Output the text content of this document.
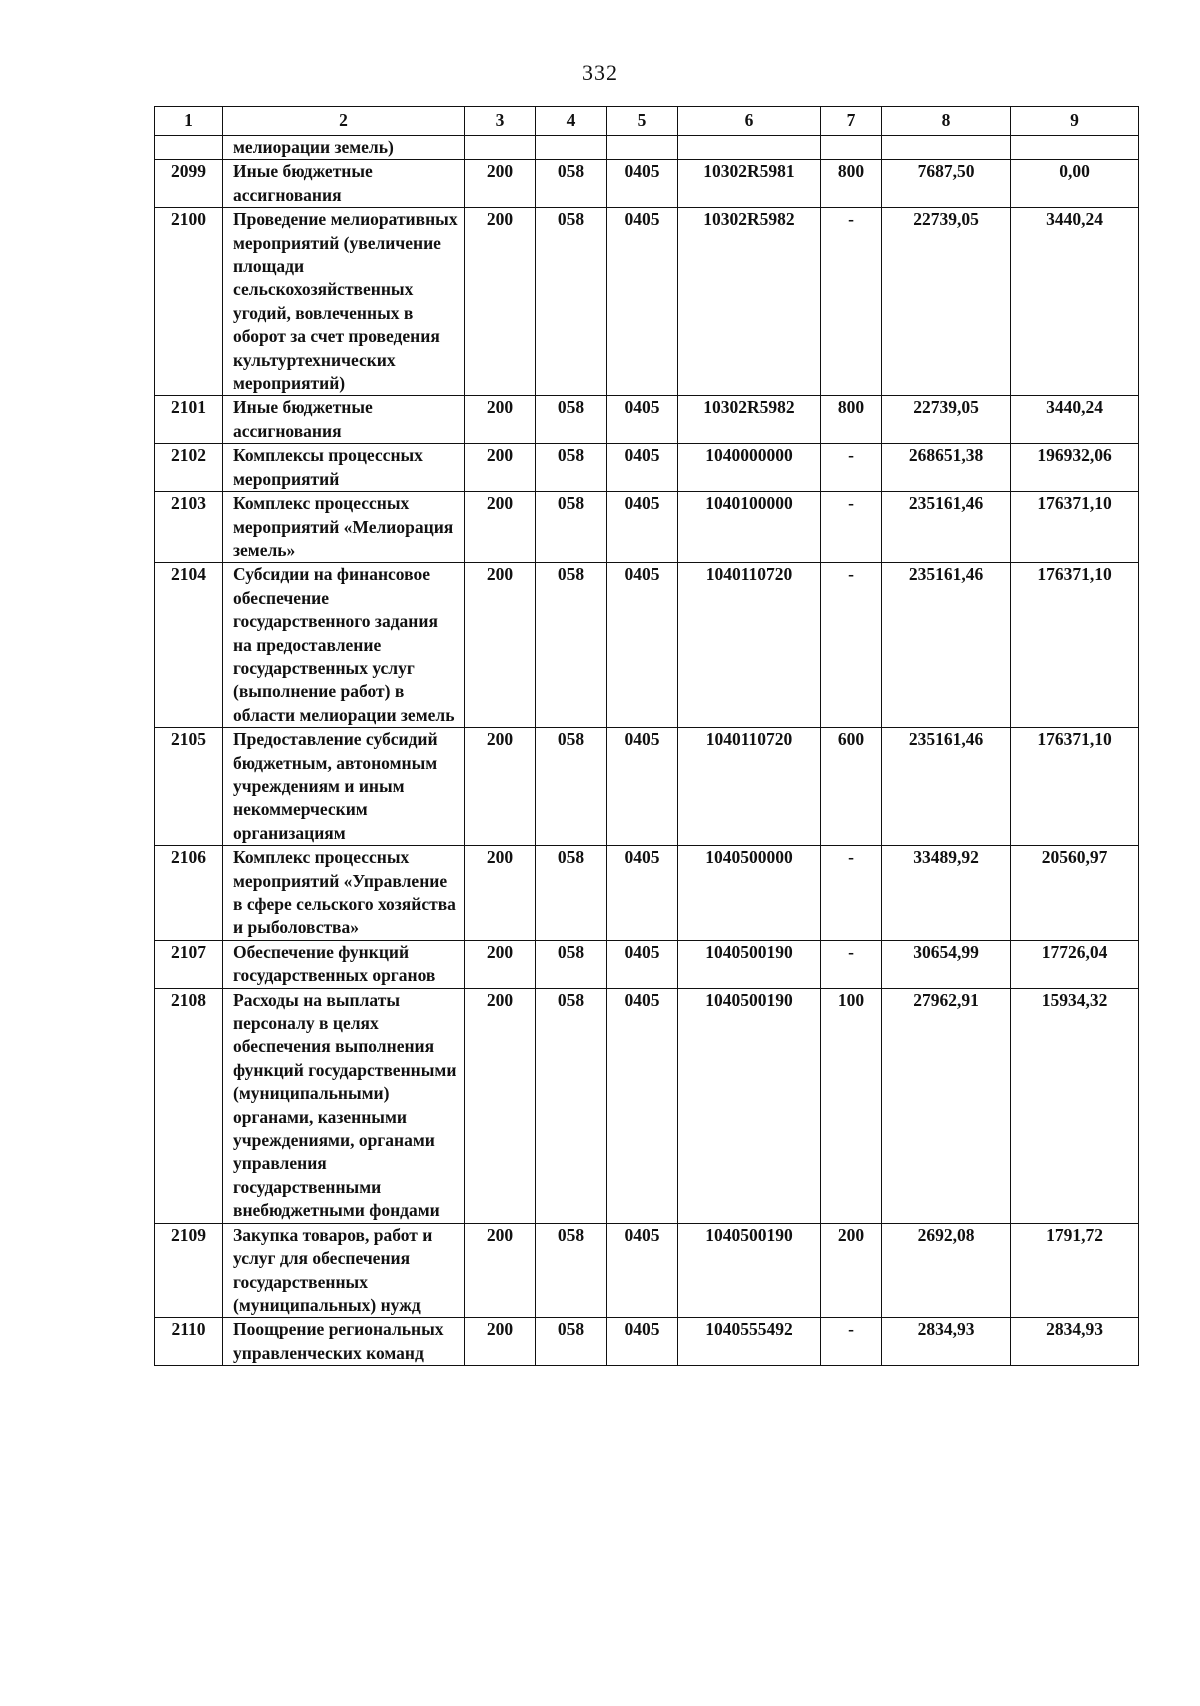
332
1	2	3	4	5	6	7	8	9
	мелиорации земель)							
2099	Иные бюджетные ассигнования	200	058	0405	10302R5981	800	7687,50	0,00
2100	Проведение мелиоративных мероприятий (увеличение площади сельскохозяйственных угодий, вовлеченных в оборот за счет проведения культуртехнических мероприятий)	200	058	0405	10302R5982	-	22739,05	3440,24
2101	Иные бюджетные ассигнования	200	058	0405	10302R5982	800	22739,05	3440,24
2102	Комплексы процессных мероприятий	200	058	0405	1040000000	-	268651,38	196932,06
2103	Комплекс процессных мероприятий «Мелиорация земель»	200	058	0405	1040100000	-	235161,46	176371,10
2104	Субсидии на финансовое обеспечение государственного задания на предоставление государственных услуг (выполнение работ) в области мелиорации земель	200	058	0405	1040110720	-	235161,46	176371,10
2105	Предоставление субсидий бюджетным, автономным учреждениям и иным некоммерческим организациям	200	058	0405	1040110720	600	235161,46	176371,10
2106	Комплекс процессных мероприятий «Управление в сфере сельского хозяйства и рыболовства»	200	058	0405	1040500000	-	33489,92	20560,97
2107	Обеспечение функций государственных органов	200	058	0405	1040500190	-	30654,99	17726,04
2108	Расходы на выплаты персоналу в целях обеспечения выполнения функций государственными (муниципальными) органами, казенными учреждениями, органами управления государственными внебюджетными фондами	200	058	0405	1040500190	100	27962,91	15934,32
2109	Закупка товаров, работ и услуг для обеспечения государственных (муниципальных) нужд	200	058	0405	1040500190	200	2692,08	1791,72
2110	Поощрение региональных управленческих команд	200	058	0405	1040555492	-	2834,93	2834,93
